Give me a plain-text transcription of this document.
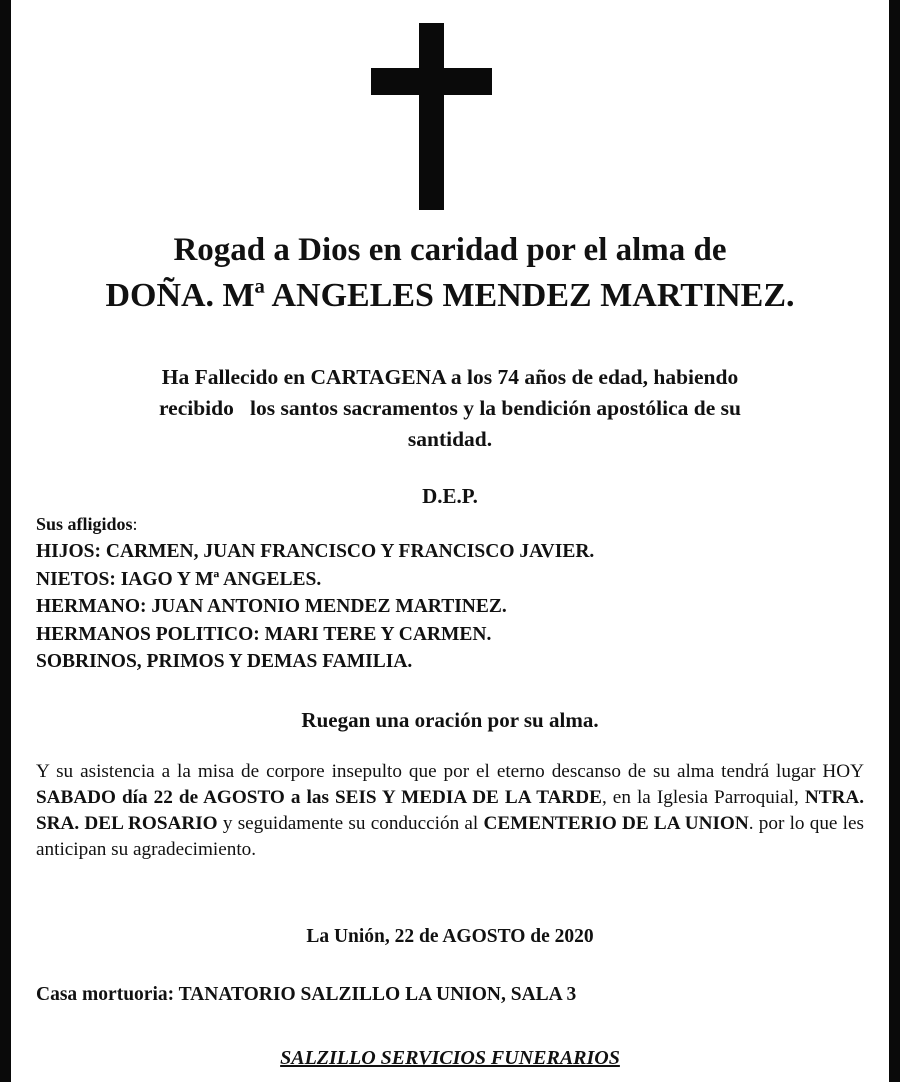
Rogad a Dios en caridad por el alma de
DOÑA. Mª ANGELES MENDEZ MARTINEZ.
Ha Fallecido en CARTAGENA a los 74 años de edad, habiendo
recibido   los santos sacramentos y la bendición apostólica de su
santidad.
D.E.P.
Sus afligidos:
HIJOS: CARMEN, JUAN FRANCISCO Y FRANCISCO JAVIER.
NIETOS: IAGO Y Mª ANGELES.
HERMANO: JUAN ANTONIO MENDEZ MARTINEZ.
HERMANOS POLITICO: MARI TERE Y CARMEN.
SOBRINOS, PRIMOS Y DEMAS FAMILIA.
Ruegan una oración por su alma.
Y su asistencia a la misa de corpore insepulto que por el eterno descanso de su alma tendrá lugar HOY SABADO día 22 de AGOSTO a las SEIS Y MEDIA DE LA TARDE, en la Iglesia Parroquial, NTRA. SRA. DEL ROSARIO y seguidamente su conducción al CEMENTERIO DE LA UNION. por lo que les anticipan su agradecimiento.
La Unión, 22 de AGOSTO de 2020
Casa mortuoria: TANATORIO SALZILLO LA UNION, SALA 3
SALZILLO SERVICIOS FUNERARIOS
